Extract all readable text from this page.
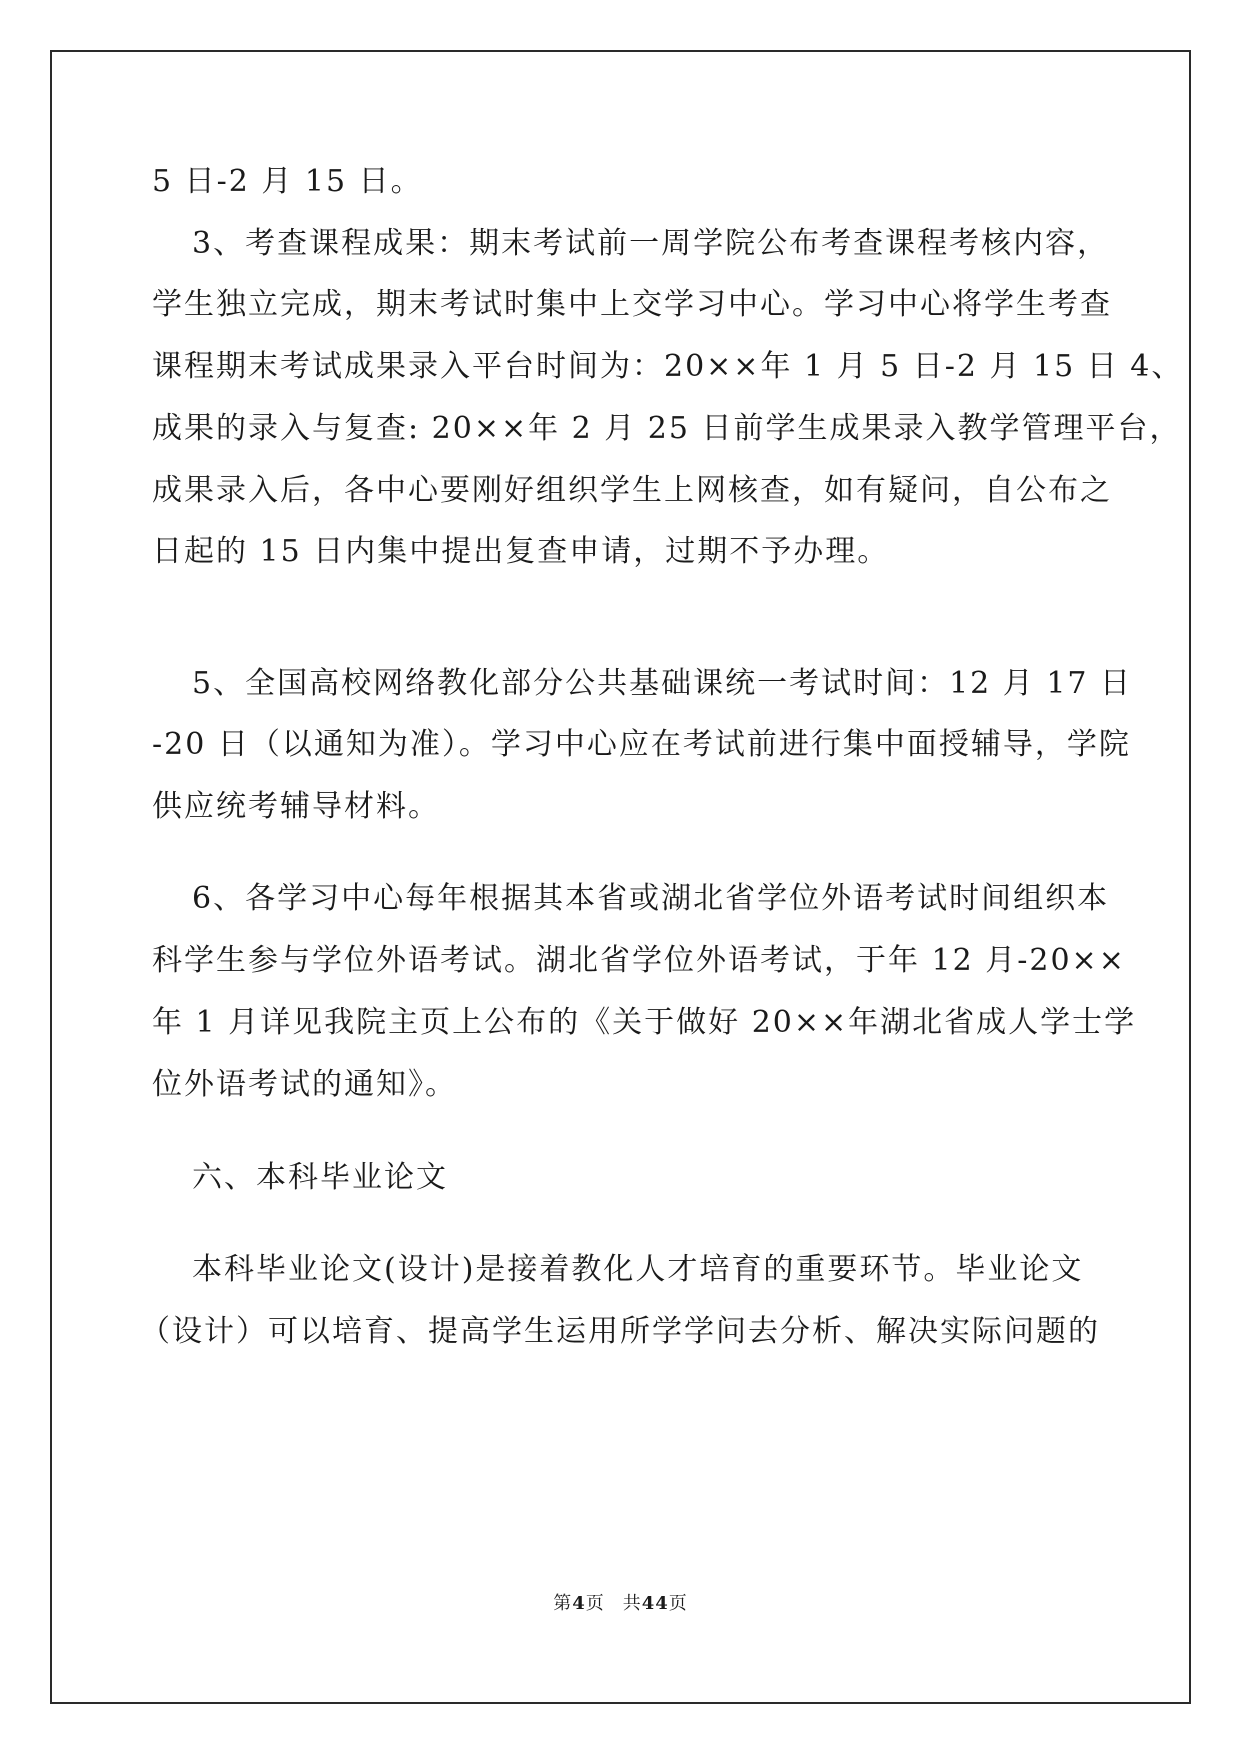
5 日-2 月 15 日。
3、考查课程成果：期末考试前一周学院公布考查课程考核内容，
学生独立完成，期末考试时集中上交学习中心。学习中心将学生考查
课程期末考试成果录入平台时间为：20××年 1 月 5 日-2 月 15 日 4、
成果的录入与复查: 20××年 2 月 25 日前学生成果录入教学管理平台，
成果录入后，各中心要刚好组织学生上网核查，如有疑问，自公布之
日起的 15 日内集中提出复查申请，过期不予办理。
5、全国高校网络教化部分公共基础课统一考试时间：12 月 17 日
-20 日（以通知为准）。学习中心应在考试前进行集中面授辅导，学院
供应统考辅导材料。
6、各学习中心每年根据其本省或湖北省学位外语考试时间组织本
科学生参与学位外语考试。湖北省学位外语考试，于年 12 月-20××
年 1 月详见我院主页上公布的《关于做好 20××年湖北省成人学士学
位外语考试的通知》。
六、本科毕业论文
本科毕业论文(设计)是接着教化人才培育的重要环节。毕业论文
（设计）可以培育、提高学生运用所学学问去分析、解决实际问题的
第4页 共44页
